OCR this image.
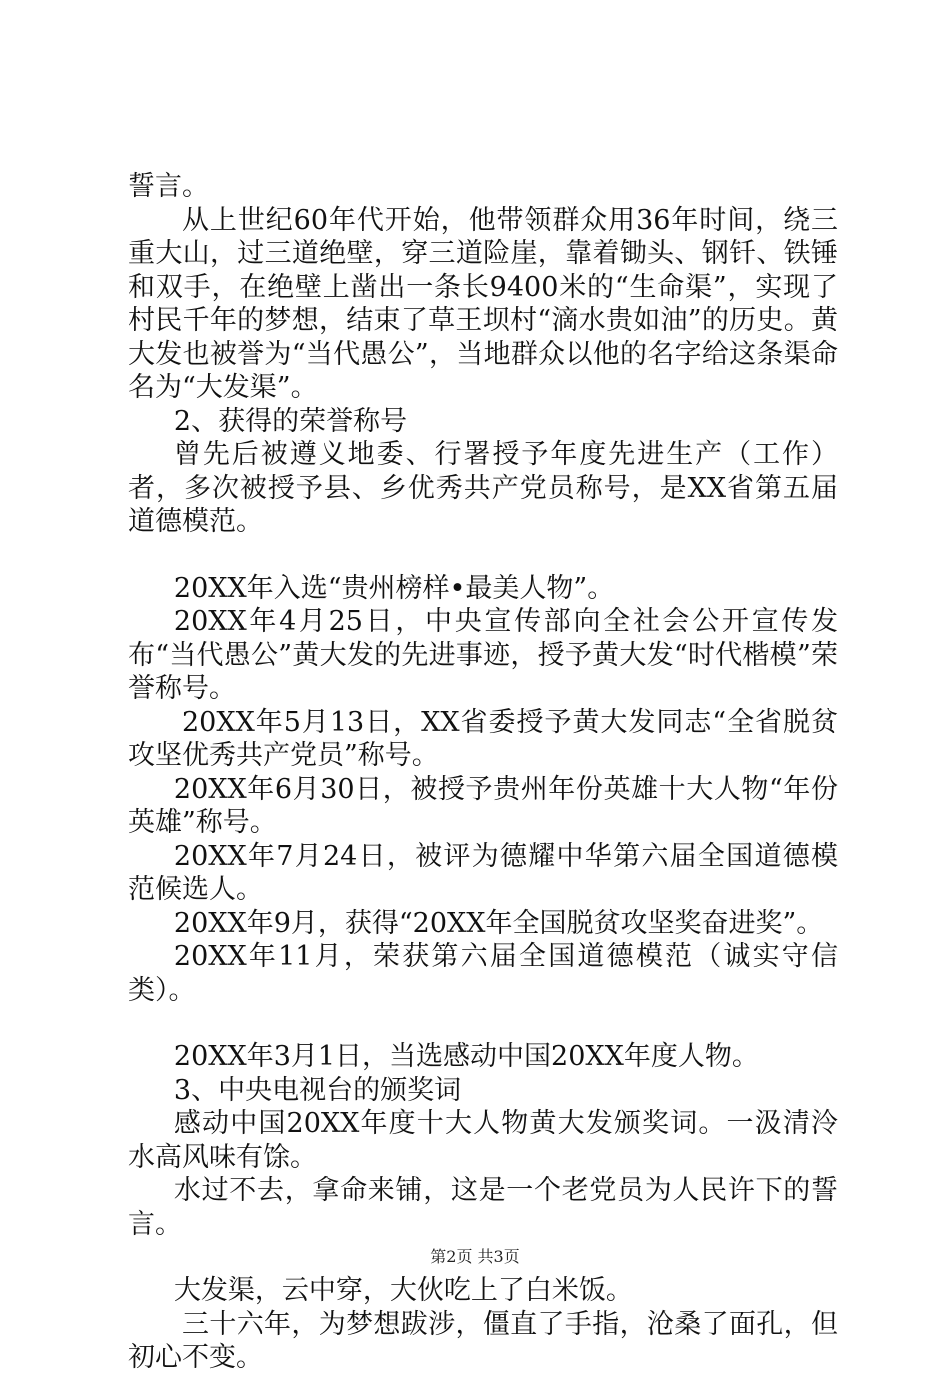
誓言。

从上世纪60年代开始，他带领群众用36年时间，绕三重大山，过三道绝壁，穿三道险崖，靠着锄头、钢钎、铁锤和双手，在绝壁上凿出一条长9400米的“生命渠”，实现了村民千年的梦想，结束了草王坝村“滴水贵如油”的历史。黄大发也被誉为“当代愚公”，当地群众以他的名字给这条渠命名为“大发渠”。

2、获得的荣誉称号

曾先后被遵义地委、行署授予年度先进生产（工作）者，多次被授予县、乡优秀共产党员称号，是XX省第五届道德模范。

20XX年入选“贵州榜样•最美人物”。

20XX年4月25日，中央宣传部向全社会公开宣传发布“当代愚公”黄大发的先进事迹，授予黄大发“时代楷模”荣誉称号。

20XX年5月13日，XX省委授予黄大发同志“全省脱贫攻坚优秀共产党员”称号。

20XX年6月30日，被授予贵州年份英雄十大人物“年份英雄”称号。

20XX年7月24日，被评为德耀中华第六届全国道德模范候选人。

20XX年9月，获得“20XX年全国脱贫攻坚奖奋进奖”。

20XX年11月，荣获第六届全国道德模范（诚实守信类）。

20XX年3月1日，当选感动中国20XX年度人物。

3、中央电视台的颁奖词

感动中国20XX年度十大人物黄大发颁奖词。一汲清泠水高风味有馀。

水过不去，拿命来铺，这是一个老党员为人民许下的誓言。

大发渠，云中穿，大伙吃上了白米饭。

三十六年，为梦想跋涉，僵直了手指，沧桑了面孔，但初心不变。

第2页 共3页
